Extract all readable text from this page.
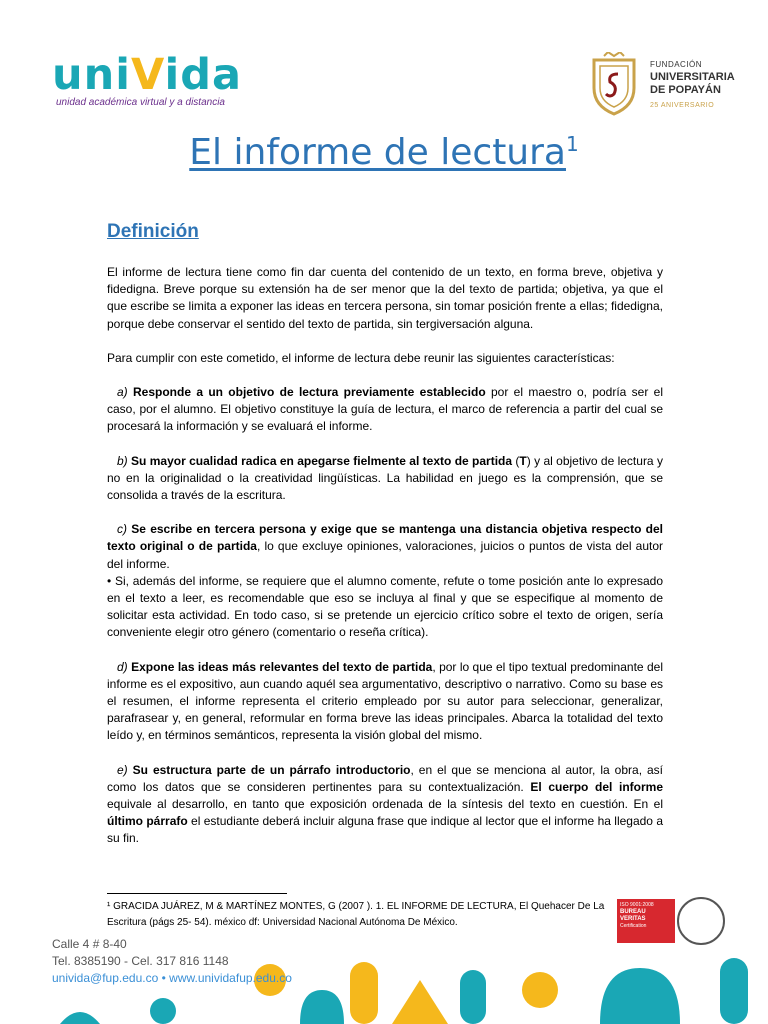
uniVida
unidad académica virtual y a distancia
FUNDACIÓN
UNIVERSITARIA
DE POPAYÁN
25 ANIVERSARIO
El informe de lectura$^1$
Definición

El informe de lectura tiene como fin dar cuenta del contenido de un texto, en forma breve, objetiva y fidedigna. Breve porque su extensión ha de ser menor que la del texto de partida; objetiva, ya que el que escribe se limita a exponer las ideas en tercera persona, sin tomar posición frente a ellas; fidedigna, porque debe conservar el sentido del texto de partida, sin tergiversación alguna.

Para cumplir con este cometido, el informe de lectura debe reunir las siguientes características:

a) Responde a un objetivo de lectura previamente establecido por el maestro o, podría ser el caso, por el alumno. El objetivo constituye la guía de lectura, el marco de referencia a partir del cual se procesará la información y se evaluará el informe.

b) Su mayor cualidad radica en apegarse fielmente al texto de partida (T) y al objetivo de lectura y no en la originalidad o la creatividad lingüísticas. La habilidad en juego es la comprensión, que se consolida a través de la escritura.

c) Se escribe en tercera persona y exige que se mantenga una distancia objetiva respecto del texto original o de partida, lo que excluye opiniones, valoraciones, juicios o puntos de vista del autor del informe.

• Si, además del informe, se requiere que el alumno comente, refute o tome posición ante lo expresado en el texto a leer, es recomendable que eso se incluya al final y que se especifique al momento de solicitar esta actividad. En todo caso, si se pretende un ejercicio crítico sobre el texto de origen, sería conveniente elegir otro género (comentario o reseña crítica).

d) Expone las ideas más relevantes del texto de partida, por lo que el tipo textual predominante del informe es el expositivo, aun cuando aquél sea argumentativo, descriptivo o narrativo. Como su base es el resumen, el informe representa el criterio empleado por su autor para seleccionar, generalizar, parafrasear y, en general, reformular en forma breve las ideas principales. Abarca la totalidad del texto leído y, en términos semánticos, representa la visión global del mismo.

e) Su estructura parte de un párrafo introductorio, en el que se menciona al autor, la obra, así como los datos que se consideren pertinentes para su contextualización. El cuerpo del informe equivale al desarrollo, en tanto que exposición ordenada de la síntesis del texto en cuestión. En el último párrafo el estudiante deberá incluir alguna frase que indique al lector que el informe ha llegado a su fin.

¹ GRACIDA JUÁREZ, M & MARTÍNEZ MONTES, G (2007 ). 1. EL INFORME DE LECTURA, El Quehacer De La
Escritura (págs 25- 54). méxico df: Universidad Nacional Autónoma De México.
Calle 4 # 8-40
Tel. 8385190 - Cel. 317 816 1148
univida@fup.edu.co • www.unividafup.edu.co
ISO 9001:2008
BUREAU VERITAS
Certification
